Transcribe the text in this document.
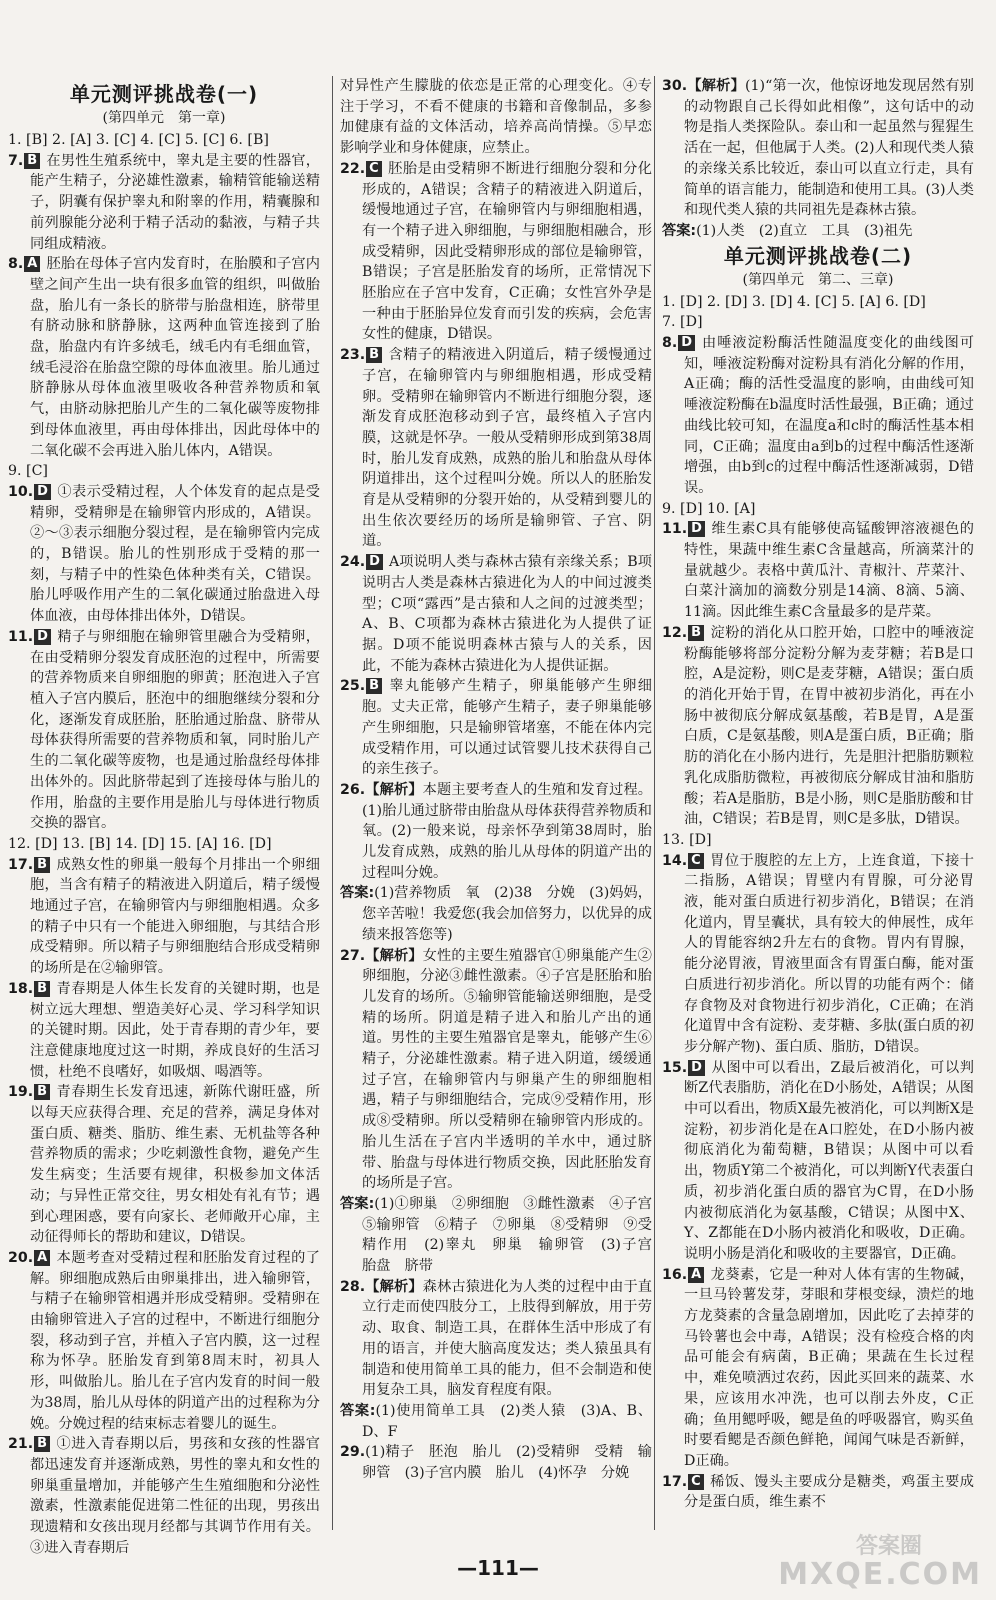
单元测评挑战卷(一)

(第四单元　第一章)

1. [B] 2. [A] 3. [C] 4. [C] 5. [C] 6. [B]

7. B 在男性生殖系统中，睾丸是主要的性器官，能产生精子，分泌雄性激素，输精管能输送精子，阴囊有保护睾丸和附睾的作用，精囊腺和前列腺能分泌利于精子活动的黏液，与精子共同组成精液。

8. A 胚胎在母体子宫内发育时，在胎膜和子宫内壁之间产生出一块有很多血管的组织，叫做胎盘，胎儿有一条长的脐带与胎盘相连，脐带里有脐动脉和脐静脉，这两种血管连接到了胎盘，胎盘内有许多绒毛，绒毛内有毛细血管，绒毛浸浴在胎盘空隙的母体血液里。胎儿通过脐静脉从母体血液里吸收各种营养物质和氧气，由脐动脉把胎儿产生的二氧化碳等废物排到母体血液里，再由母体排出，因此母体中的二氧化碳不会再进入胎儿体内，A错误。

9. [C]

10. D ①表示受精过程，人个体发育的起点是受精卵，受精卵是在输卵管内形成的，A错误。②～③表示细胞分裂过程，是在输卵管内完成的，B错误。胎儿的性别形成于受精的那一刻，与精子中的性染色体种类有关，C错误。胎儿呼吸作用产生的二氧化碳通过胎盘进入母体血液，由母体排出体外，D错误。

11. D 精子与卵细胞在输卵管里融合为受精卵，在由受精卵分裂发育成胚泡的过程中，所需要的营养物质来自卵细胞的卵黄；胚泡进入子宫植入子宫内膜后，胚泡中的细胞继续分裂和分化，逐渐发育成胚胎，胚胎通过胎盘、脐带从母体获得所需要的营养物质和氧，同时胎儿产生的二氧化碳等废物，也是通过胎盘经母体排出体外的。因此脐带起到了连接母体与胎儿的作用，胎盘的主要作用是胎儿与母体进行物质交换的器官。

12. [D] 13. [B] 14. [D] 15. [A] 16. [D]

17. B 成熟女性的卵巢一般每个月排出一个卵细胞，当含有精子的精液进入阴道后，精子缓慢地通过子宫，在输卵管内与卵细胞相遇。众多的精子中只有一个能进入卵细胞，与其结合形成受精卵。所以精子与卵细胞结合形成受精卵的场所是在②输卵管。

18. B 青春期是人体生长发育的关键时期，也是树立远大理想、塑造美好心灵、学习科学知识的关键时期。因此，处于青春期的青少年，要注意健康地度过这一时期，养成良好的生活习惯，杜绝不良嗜好，如吸烟、喝酒等。

19. B 青春期生长发育迅速，新陈代谢旺盛，所以每天应获得合理、充足的营养，满足身体对蛋白质、糖类、脂肪、维生素、无机盐等各种营养物质的需求；少吃刺激性食物，避免产生发生病变；生活要有规律，积极参加文体活动；与异性正常交往，男女相处有礼有节；遇到心理困惑，要有向家长、老师敞开心扉，主动征得师长的帮助和建议，D错误。

20. A 本题考查对受精过程和胚胎发育过程的了解。卵细胞成熟后由卵巢排出，进入输卵管，与精子在输卵管相遇并形成受精卵。受精卵在由输卵管进入子宫的过程中，不断进行细胞分裂，移动到子宫，并植入子宫内膜，这一过程称为怀孕。胚胎发育到第8周末时，初具人形，叫做胎儿。胎儿在子宫内发育的时间一般为38周，胎儿从母体的阴道产出的过程称为分娩。分娩过程的结束标志着婴儿的诞生。

21. B ①进入青春期以后，男孩和女孩的性器官都迅速发育并逐渐成熟，男性的睾丸和女性的卵巢重量增加，并能够产生生殖细胞和分泌性激素，性激素能促进第二性征的出现，男孩出现遗精和女孩出现月经都与其调节作用有关。③进入青春期后

对异性产生朦胧的依恋是正常的心理变化。④专注于学习，不看不健康的书籍和音像制品，多参加健康有益的文体活动，培养高尚情操。⑤早恋影响学业和身体健康，应禁止。

22. C 胚胎是由受精卵不断进行细胞分裂和分化形成的，A错误；含精子的精液进入阴道后，缓慢地通过子宫，在输卵管内与卵细胞相遇，有一个精子进入卵细胞，与卵细胞相融合，形成受精卵，因此受精卵形成的部位是输卵管，B错误；子宫是胚胎发育的场所，正常情况下胚胎应在子宫中发育，C正确；女性宫外孕是一种由于胚胎异位发育而引发的疾病，会危害女性的健康，D错误。

23. B 含精子的精液进入阴道后，精子缓慢通过子宫，在输卵管内与卵细胞相遇，形成受精卵。受精卵在输卵管内不断进行细胞分裂，逐渐发育成胚泡移动到子宫，最终植入子宫内膜，这就是怀孕。一般从受精卵形成到第38周时，胎儿发育成熟，成熟的胎儿和胎盘从母体阴道排出，这个过程叫分娩。所以人的胚胎发育是从受精卵的分裂开始的，从受精到婴儿的出生依次要经历的场所是输卵管、子宫、阴道。

24. D A项说明人类与森林古猿有亲缘关系；B项说明古人类是森林古猿进化为人的中间过渡类型；C项“露西”是古猿和人之间的过渡类型；A、B、C项都为森林古猿进化为人提供了证据。D项不能说明森林古猿与人的关系，因此，不能为森林古猿进化为人提供证据。

25. B 睾丸能够产生精子，卵巢能够产生卵细胞。丈夫正常，能够产生精子，妻子卵巢能够产生卵细胞，只是输卵管堵塞，不能在体内完成受精作用，可以通过试管婴儿技术获得自己的亲生孩子。

26.【解析】本题主要考查人的生殖和发育过程。(1)胎儿通过脐带由胎盘从母体获得营养物质和氧。(2)一般来说，母亲怀孕到第38周时，胎儿发育成熟，成熟的胎儿从母体的阴道产出的过程叫分娩。
答案:(1)营养物质　氧　(2)38　分娩　(3)妈妈，您辛苦啦！我爱您(我会加倍努力，以优异的成绩来报答您等)

27.【解析】女性的主要生殖器官①卵巢能产生②卵细胞，分泌③雌性激素。④子宫是胚胎和胎儿发育的场所。⑤输卵管能输送卵细胞，是受精的场所。阴道是精子进入和胎儿产出的通道。男性的主要生殖器官是睾丸，能够产生⑥精子，分泌雄性激素。精子进入阴道，缓缓通过子宫，在输卵管内与卵巢产生的卵细胞相遇，精子与卵细胞结合，完成⑨受精作用，形成⑧受精卵。所以受精卵在输卵管内形成的。胎儿生活在子宫内半透明的羊水中，通过脐带、胎盘与母体进行物质交换，因此胚胎发育的场所是子宫。
答案:(1)①卵巢　②卵细胞　③雌性激素　④子宫　⑤输卵管　⑥精子　⑦卵巢　⑧受精卵　⑨受精作用　(2)睾丸　卵巢　输卵管　(3)子宫　胎盘　脐带

28.【解析】森林古猿进化为人类的过程中由于直立行走而使四肢分工，上肢得到解放，用于劳动、取食、制造工具，在群体生活中形成了有用的语言，并使大脑高度发达；类人猿虽具有制造和使用简单工具的能力，但不会制造和使用复杂工具，脑发育程度有限。
答案:(1)使用简单工具　(2)类人猿　(3)A、B、D、F

29.(1)精子　胚泡　胎儿　(2)受精卵　受精　输卵管　(3)子宫内膜　胎儿　(4)怀孕　分娩

30.【解析】(1)“第一次，他惊讶地发现居然有别的动物跟自己长得如此相像”，这句话中的动物是指人类探险队。泰山和一起虽然与猩猩生活在一起，但他属于人类。(2)人和现代类人猿的亲缘关系比较近，泰山可以直立行走，具有简单的语言能力，能制造和使用工具。(3)人类和现代类人猿的共同祖先是森林古猿。
答案:(1)人类　(2)直立　工具　(3)祖先

单元测评挑战卷(二)

(第四单元　第二、三章)

1. [D] 2. [D] 3. [D] 4. [C] 5. [A] 6. [D]

7. [D]

8. D 由唾液淀粉酶活性随温度变化的曲线图可知，唾液淀粉酶对淀粉具有消化分解的作用，A正确；酶的活性受温度的影响，由曲线可知唾液淀粉酶在b温度时活性最强，B正确；通过曲线比较可知，在温度a和c时的酶活性基本相同，C正确；温度由a到b的过程中酶活性逐渐增强，由b到c的过程中酶活性逐渐减弱，D错误。

9. [D] 10. [A]

11. D 维生素C具有能够使高锰酸钾溶液褪色的特性，果蔬中维生素C含量越高，所滴菜汁的量就越少。表格中黄瓜汁、青椒汁、芹菜汁、白菜汁滴加的滴数分别是14滴、8滴、5滴、11滴。因此维生素C含量最多的是芹菜。

12. B 淀粉的消化从口腔开始，口腔中的唾液淀粉酶能够将部分淀粉分解为麦芽糖；若B是口腔，A是淀粉，则C是麦芽糖，A错误；蛋白质的消化开始于胃，在胃中被初步消化，再在小肠中被彻底分解成氨基酸，若B是胃，A是蛋白质，C是氨基酸，则A是蛋白质，B正确；脂肪的消化在小肠内进行，先是胆汁把脂肪颗粒乳化成脂肪微粒，再被彻底分解成甘油和脂肪酸；若A是脂肪，B是小肠，则C是脂肪酸和甘油，C错误；若B是胃，则C是多肽，D错误。

13. [D]

14. C 胃位于腹腔的左上方，上连食道，下接十二指肠，A错误；胃壁内有胃腺，可分泌胃液，能对蛋白质进行初步消化，B错误；在消化道内，胃呈囊状，具有较大的伸展性，成年人的胃能容纳2升左右的食物。胃内有胃腺，能分泌胃液，胃液里面含有胃蛋白酶，能对蛋白质进行初步消化。所以胃的功能有两个：储存食物及对食物进行初步消化，C正确；在消化道胃中含有淀粉、麦芽糖、多肽(蛋白质的初步分解产物)、蛋白质、脂肪，D错误。

15. D 从图中可以看出，Z最后被消化，可以判断Z代表脂肪，消化在D小肠处，A错误；从图中可以看出，物质X最先被消化，可以判断X是淀粉，初步消化是在A口腔处，在D小肠内被彻底消化为葡萄糖，B错误；从图中可以看出，物质Y第二个被消化，可以判断Y代表蛋白质，初步消化蛋白质的器官为C胃，在D小肠内被彻底消化为氨基酸，C错误；从图中X、Y、Z都能在D小肠内被消化和吸收，D正确。说明小肠是消化和吸收的主要器官，D正确。

16. A 龙葵素，它是一种对人体有害的生物碱，一旦马铃薯发芽，芽眼和芽根变绿，溃烂的地方龙葵素的含量急剧增加，因此吃了去掉芽的马铃薯也会中毒，A错误；没有检疫合格的肉品可能会有病菌，B正确；果蔬在生长过程中，难免喷洒过农药，因此买回来的蔬菜、水果，应该用水冲洗，也可以削去外皮，C正确；鱼用鳃呼吸，鳃是鱼的呼吸器官，购买鱼时要看鳃是否颜色鲜艳，闻闻气味是否新鲜，D正确。

17. C 稀饭、馒头主要成分是糖类，鸡蛋主要成分是蛋白质，维生素不

—111—
答案圈
MXQE.COM
